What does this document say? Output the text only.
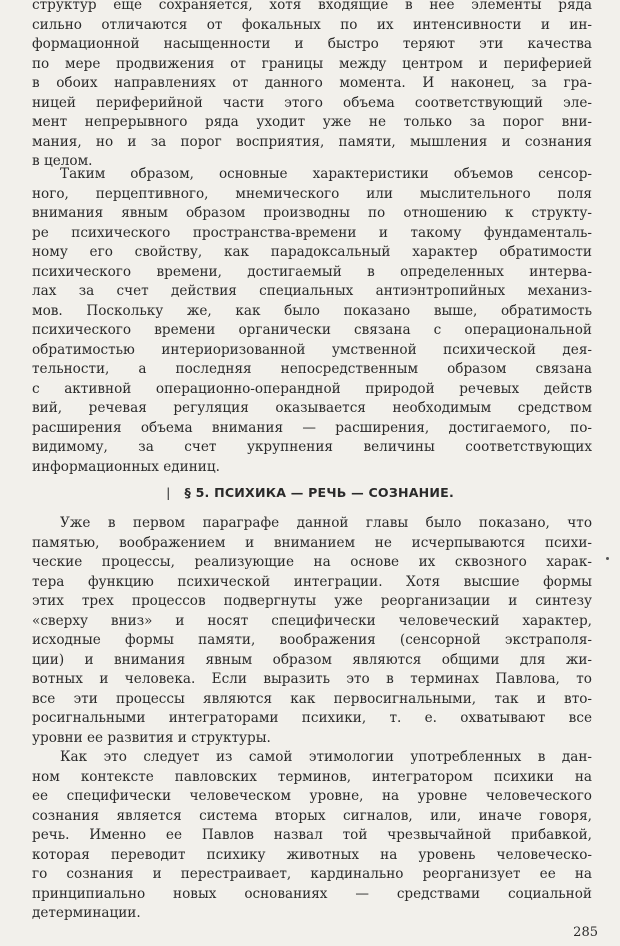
структур еще сохраняется, хотя входящие в нее элементы ряда
сильно отличаются от фокальных по их интенсивности и ин-
формационной насыщенности и быстро теряют эти качества
по мере продвижения от границы между центром и периферией
в обоих направлениях от данного момента. И наконец, за гра-
ницей периферийной части этого объема соответствующий элe-
мент непрерывного ряда уходит уже не только за порог вни-
мания, но и за порог восприятия, памяти, мышления и сознания
в целом.
Таким образом, основные характеристики объемов сенсор-
ного, перцептивного, мнемического или мыслительного поля
внимания явным образом производны по отношению к структу-
ре психического пространства-времени и такому фундаменталь-
ному его свойству, как парадоксальный характер обратимости
психического времени, достигаемый в определенных интерва-
лах за счет действия специальных антиэнтропийных механиз-
мов. Поскольку же, как было показано выше, обратимость
психического времени органически связана с операциональной
обратимостью интериоризованной умственной психической дея-
тельности, а последняя непосредственным образом связана
с активной операционно-операндной природой речевых действ
вий, речевая регуляция оказывается необходимым средством
расширения объема внимания — расширения, достигаемого, по-
видимому, за счет укрупнения величины соответствующих
информационных единиц.
| § 5. ПСИХИКА — РЕЧЬ — СОЗНАНИЕ.
Уже в первом параграфе данной главы было показано, что
памятью, воображением и вниманием не исчерпываются психи-
ческие процессы, реализующие на основе их сквозного харак-
тера функцию психической интеграции. Хотя высшие формы
этих трех процессов подвергнуты уже реорганизации и синтезу
«сверху вниз» и носят специфически человеческий характер,
исходные формы памяти, воображения (сенсорной экстраполя-
ции) и внимания явным образом являются общими для жи-
вотных и человека. Если выразить это в терминах Павлова, то
все эти процессы являются как первосигнальными, так и вто-
росигнальными интеграторами психики, т. е. охватывают все
уровни ее развития и структуры.
Как это следует из самой этимологии употребленных в дан-
ном контексте павловских терминов, интегратором психики на
ее специфически человеческом уровне, на уровне человеческого
сознания является система вторых сигналов, или, иначе говоря,
речь. Именно ее Павлов назвал той чрезвычайной прибавкой,
которая переводит психику животных на уровень человеческо-
го сознания и перестраивает, кардинально реорганизует ее на
принципиально новых основаниях — средствами социальной
детерминации.
285
